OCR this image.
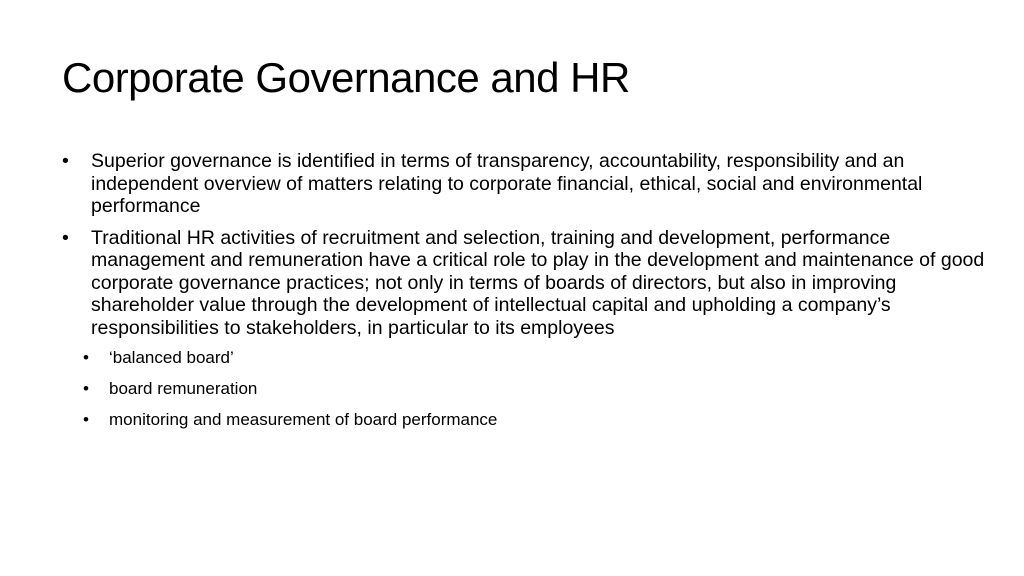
Corporate Governance and HR
• Superior governance is identified in terms of transparency, accountability, responsibility and an independent overview of matters relating to corporate financial, ethical, social and environmental performance
• Traditional HR activities of recruitment and selection, training and development, performance management and remuneration have a critical role to play in the development and maintenance of good corporate governance practices; not only in terms of boards of directors, but also in improving shareholder value through the development of intellectual capital and upholding a company’s responsibilities to stakeholders, in particular to its employees
• ‘balanced board’
• board remuneration
• monitoring and measurement of board performance
